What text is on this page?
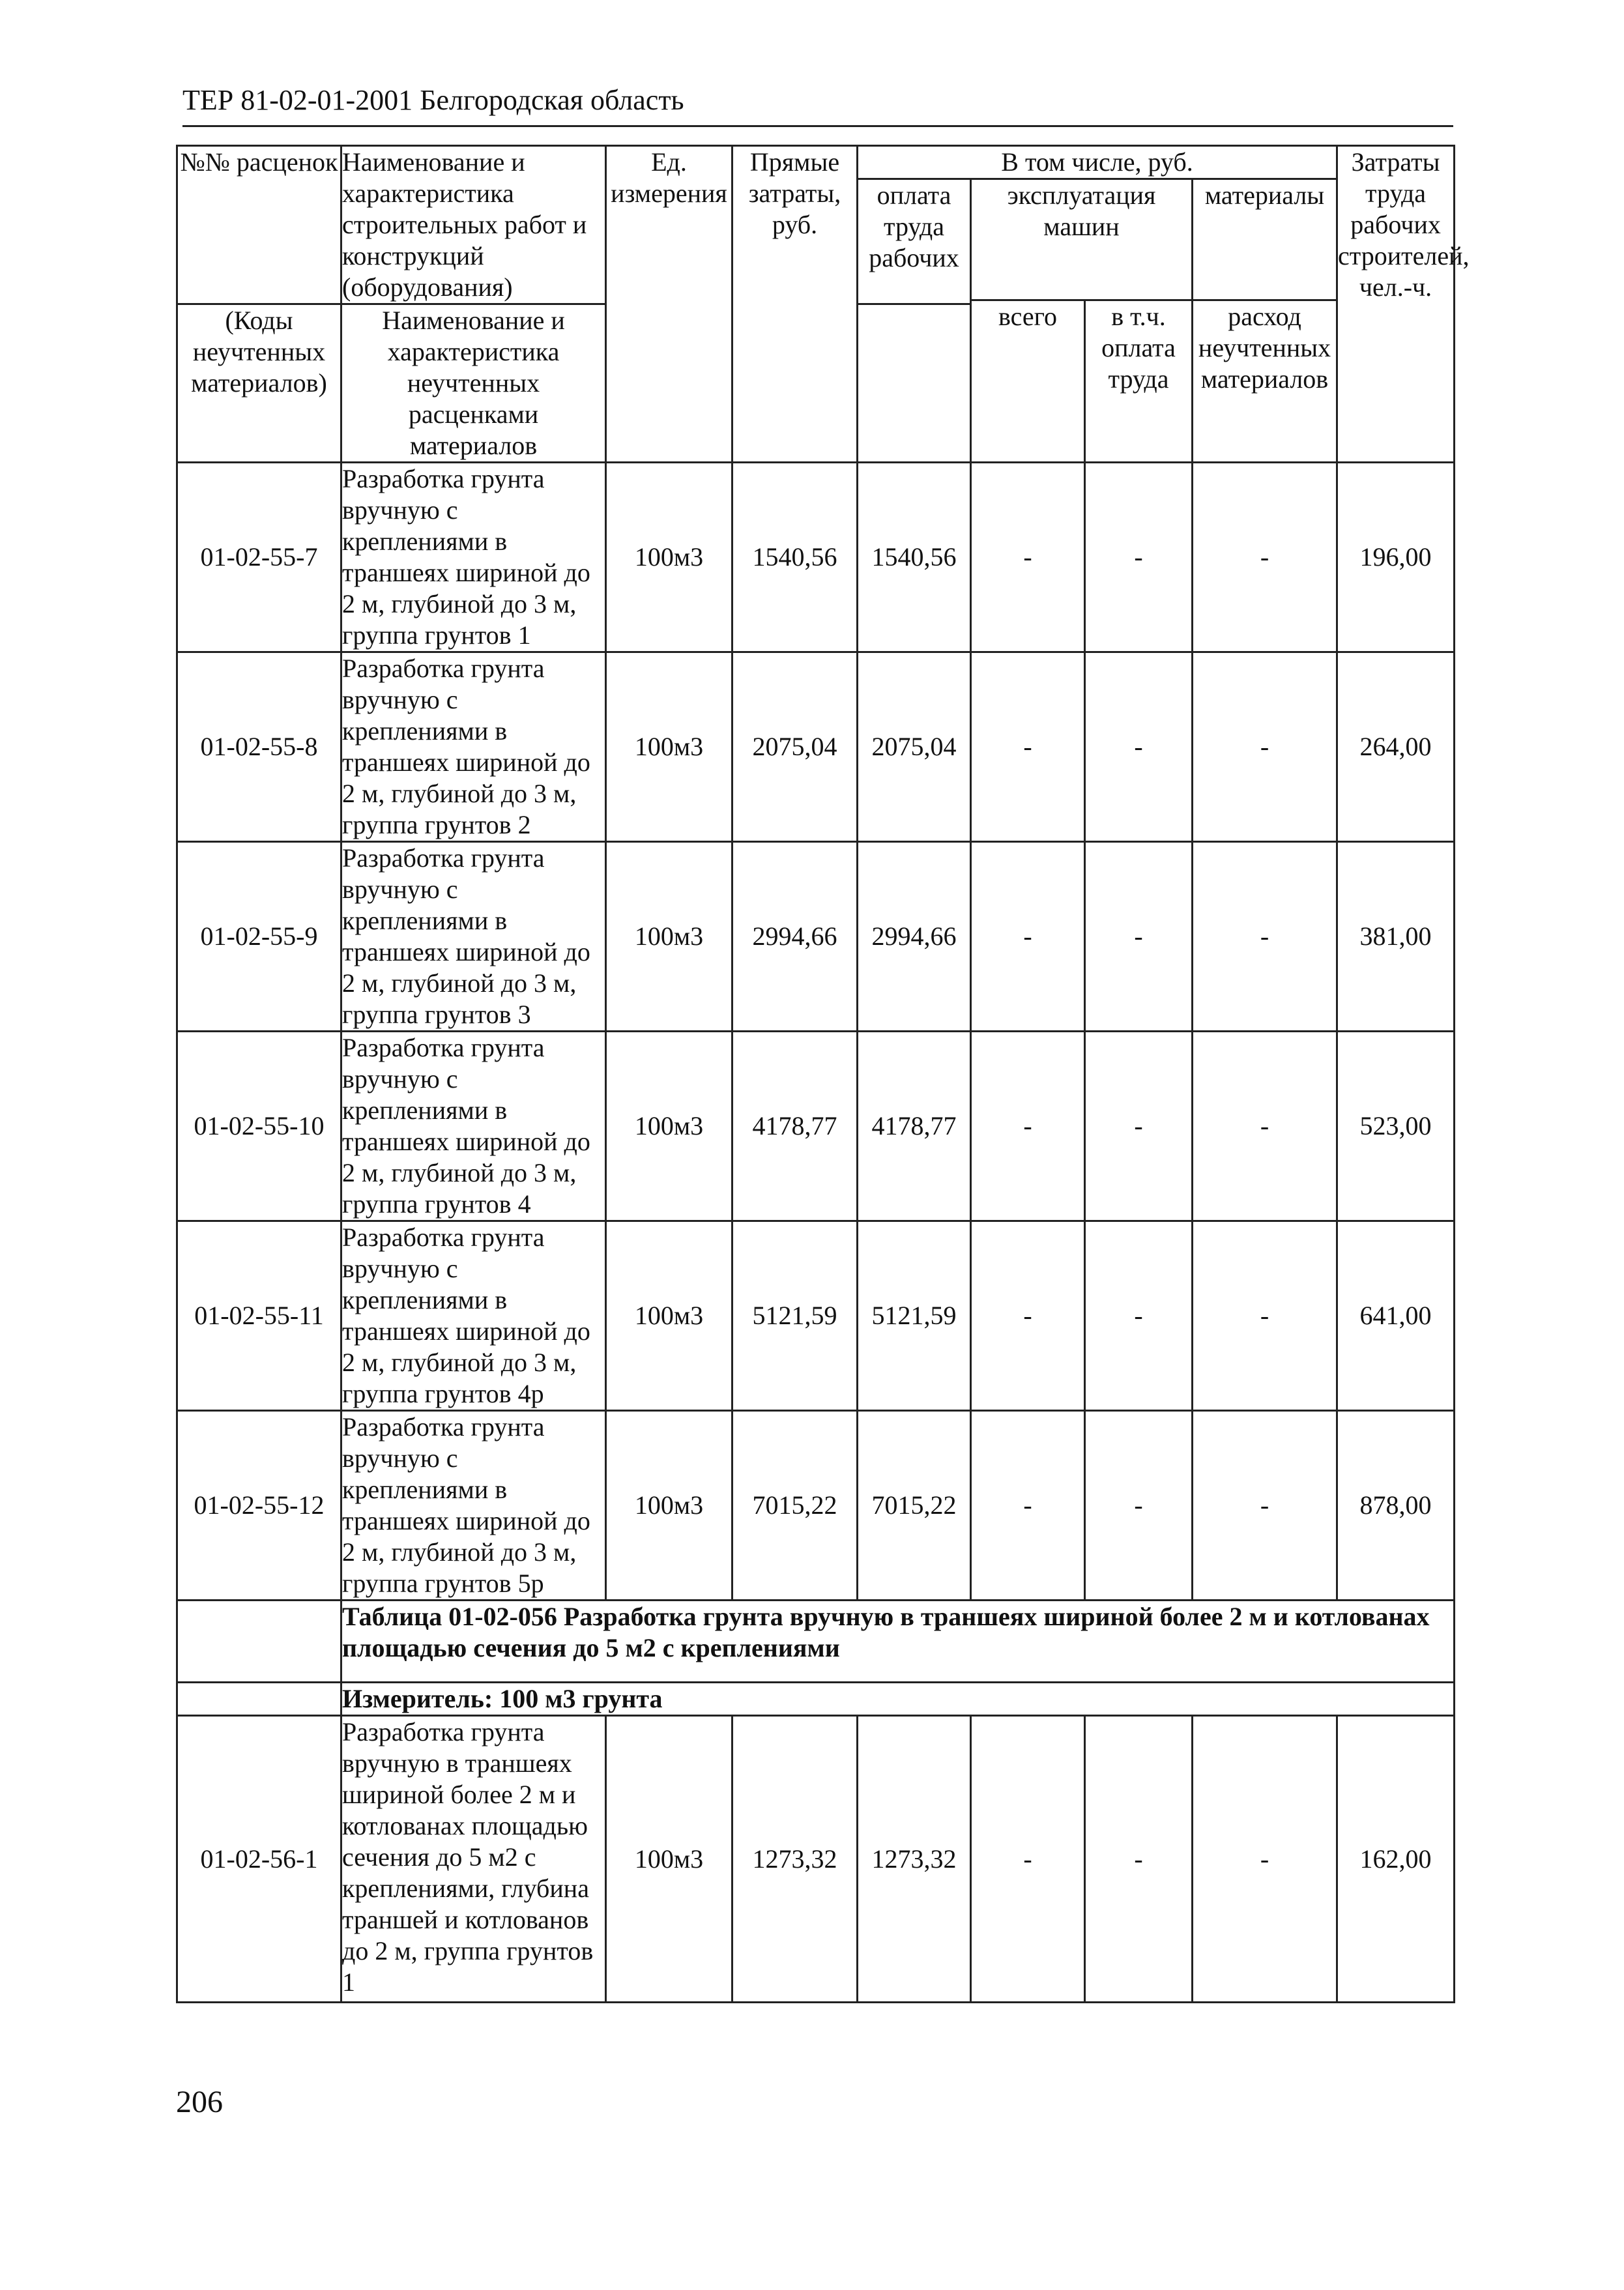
ТЕР 81-02-01-2001 Белгородская область
№№ расценок	Наименование и характеристика строительных работ и конструкций (оборудования)	Ед. измерения	Прямые затраты, руб.	В том числе, руб.				Затраты труда рабочих строителей, чел.-ч.
				оплата труда рабочих	эксплуатация машин		материалы	
					всего	в т.ч. оплата труда	расход неучтенных материалов	
(Коды неучтенных материалов)	Наименование и характеристика неучтенных расценками материалов							

01-02-55-7	Разработка грунта вручную с креплениями в траншеях шириной до 2 м, глубиной до 3 м, группа грунтов 1	100м3	1540,56	1540,56	-	-	-	196,00
01-02-55-8	Разработка грунта вручную с креплениями в траншеях шириной до 2 м, глубиной до 3 м, группа грунтов 2	100м3	2075,04	2075,04	-	-	-	264,00
01-02-55-9	Разработка грунта вручную с креплениями в траншеях шириной до 2 м, глубиной до 3 м, группа грунтов 3	100м3	2994,66	2994,66	-	-	-	381,00
01-02-55-10	Разработка грунта вручную с креплениями в траншеях шириной до 2 м, глубиной до 3 м, группа грунтов 4	100м3	4178,77	4178,77	-	-	-	523,00
01-02-55-11	Разработка грунта вручную с креплениями в траншеях шириной до 2 м, глубиной до 3 м, группа грунтов 4р	100м3	5121,59	5121,59	-	-	-	641,00
01-02-55-12	Разработка грунта вручную с креплениями в траншеях шириной до 2 м, глубиной до 3 м, группа грунтов 5р	100м3	7015,22	7015,22	-	-	-	878,00
	Таблица 01-02-056 Разработка грунта вручную в траншеях шириной более 2 м и котлованах площадью сечения до 5 м2 с креплениями							
	Измеритель: 100 м3 грунта							
01-02-56-1	Разработка грунта вручную в траншеях шириной более 2 м и котлованах площадью сечения до 5 м2 с креплениями, глубина траншей и котлованов до 2 м, группа грунтов 1	100м3	1273,32	1273,32	-	-	-	162,00
206
